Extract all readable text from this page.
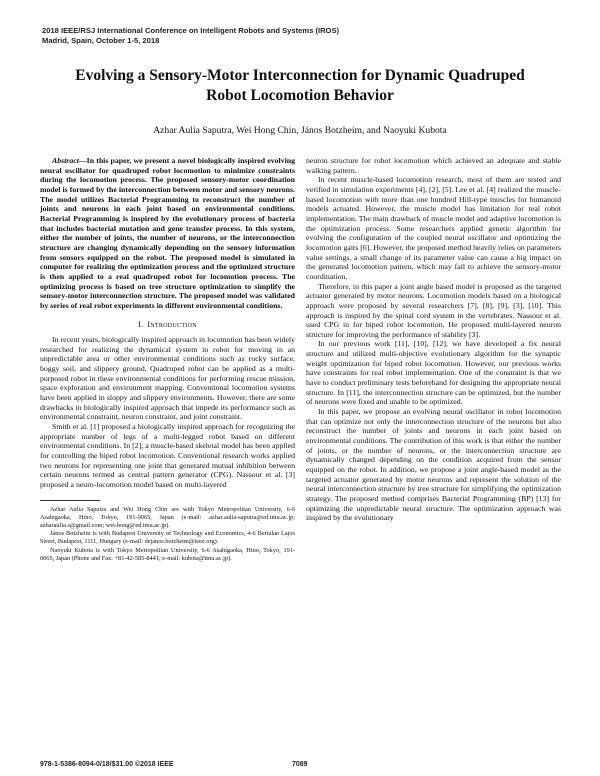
2018 IEEE/RSJ International Conference on Intelligent Robots and Systems (IROS)
Madrid, Spain, October 1-5, 2018
Evolving a Sensory-Motor Interconnection for Dynamic Quadruped
Robot Locomotion Behavior
Azhar Aulia Saputra, Wei Hong Chin, János Botzheim, and Naoyuki Kubota

Abstract—In this paper, we present a novel biologically inspired evolving neural oscillator for quadruped robot locomotion to minimize constraints during the locomotion process. The proposed sensory-motor coordination model is formed by the interconnection between motor and sensory neurons. The model utilizes Bacterial Programming to reconstruct the number of joints and neurons in each joint based on environmental conditions. Bacterial Programming is inspired by the evolutionary process of bacteria that includes bacterial mutation and gene transfer process. In this system, either the number of joints, the number of neurons, or the interconnection structure are changing dynamically depending on the sensory information from sensors equipped on the robot. The proposed model is simulated in computer for realizing the optimization process and the optimized structure is then applied to a real quadruped robot for locomotion process. The optimizing process is based on tree structure optimization to simplify the sensory-motor interconnection structure. The proposed model was validated by series of real robot experiments in different environmental conditions.

I. Introduction

In recent years, biologically inspired approach in locomotion has been widely researched for realizing the dynamical system in robot for moving in an unpredictable area or other environmental conditions such as rocky surface, boggy soil, and slippery ground. Quadruped robot can be applied as a multi-purposed robot in these environmental conditions for performing rescue mission, space exploration and environment mapping. Conventional locomotion systems have been applied in sloppy and slippery environments. However, there are some drawbacks in biologically inspired approach that impede its performance such as environmental constraint, neuron constraint, and joint constraint.

Smith et al. [1] proposed a biologically inspired approach for recognizing the appropriate number of legs of a multi-legged robot based on different environmental conditions. In [2], a muscle-based skeletal model has been applied for controlling the biped robot locomotion. Conventional research works applied two neurons for representing one joint that generated mutual inhibition between certain neurons termed as central pattern generator (CPG). Nassour et al. [3] proposed a neuro-locomotion model based on multi-layered

Azhar Aulia Saputra and Wei Hong Chin are with Tokyo Metropolitan University, 6-6 Asahigaoka, Hino, Tokyo, 191-0065, Japan (e-mail: azhar.aulia-saputra@ed.tmu.ac.jp; azharaulia.s@gmail.com; wei-hong@ed.tmu.ac.jp).

János Botzheim is with Budapest University of Technology and Economics, 4-6 Bertalan Lajos Street, Budapest, 1111, Hungary (e-mail: dejanos.botzheim@ieee.org).

Naoyuki Kubota is with Tokyo Metropolitan University, 6-6 Asahigaoka, Hino, Tokyo, 191-0065, Japan (Phone and Fax: +81-42-585-8441; e-mail: kubota@tmu.ac.jp).

neuron structure for robot locomotion which achieved an adequate and stable walking pattern.

In recent muscle-based locomotion research, most of them are tested and verified in simulation experiments [4], [2], [5]. Lee et al. [4] realized the muscle-based locomotion with more than one hundred Hill-type muscles for humanoid models actuated. However, the muscle model has limitation for real robot implementation. The main drawback of muscle model and adaptive locomotion is the optimization process. Some researchers applied genetic algorithm for evolving the configuration of the coupled neural oscillator and optimizing the locomotion gaits [6]. However, the proposed method heavily relies on parameters value settings, a small change of its parameter value can cause a big impact on the generated locomotion pattern, which may fail to achieve the sensory-motor coordination.

Therefore, in this paper a joint angle based model is proposed as the targeted actuator generated by motor neurons. Locomotion models based on a biological approach were proposed by several researchers [7], [8], [9], [3], [10]. This approach is inspired by the spinal cord system in the vertebrates. Nassour et al. used CPG in for biped robot locomotion. He proposed multi-layered neuron structure for improving the performance of stability [3].

In our previous work [11], [10], [12], we have developed a fix neural structure and utilized multi-objective evolutionary algorithm for the synaptic weight optimization for biped robot locomotion. However, our previous works have constraints for real robot implementation. One of the constraint is that we have to conduct preliminary tests beforehand for designing the appropriate neural structure. In [11], the interconnection structure can be optimized, but the number of neurons were fixed and unable to be optimized.

In this paper, we propose an evolving neural oscillator in robot locomotion that can optimize not only the interconnection structure of the neurons but also reconstruct the number of joints and neurons in each joint based on environmental conditions. The contribution of this work is that either the number of joints, or the number of neurons, or the interconnection structure are dynamically changed depending on the condition acquired from the sensor equipped on the robot. In addition, we propose a joint angle-based model as the targeted actuator generated by motor neurons and represent the solution of the neural interconnection structure by tree structure for simplifying the optimization strategy. The proposed method comprises Bacterial Programming (BP) [13] for optimizing the unpredictable neural structure. The optimization approach was inspired by the evolutionary

978-1-5386-8094-0/18/$31.00 ©2018 IEEE	7089
